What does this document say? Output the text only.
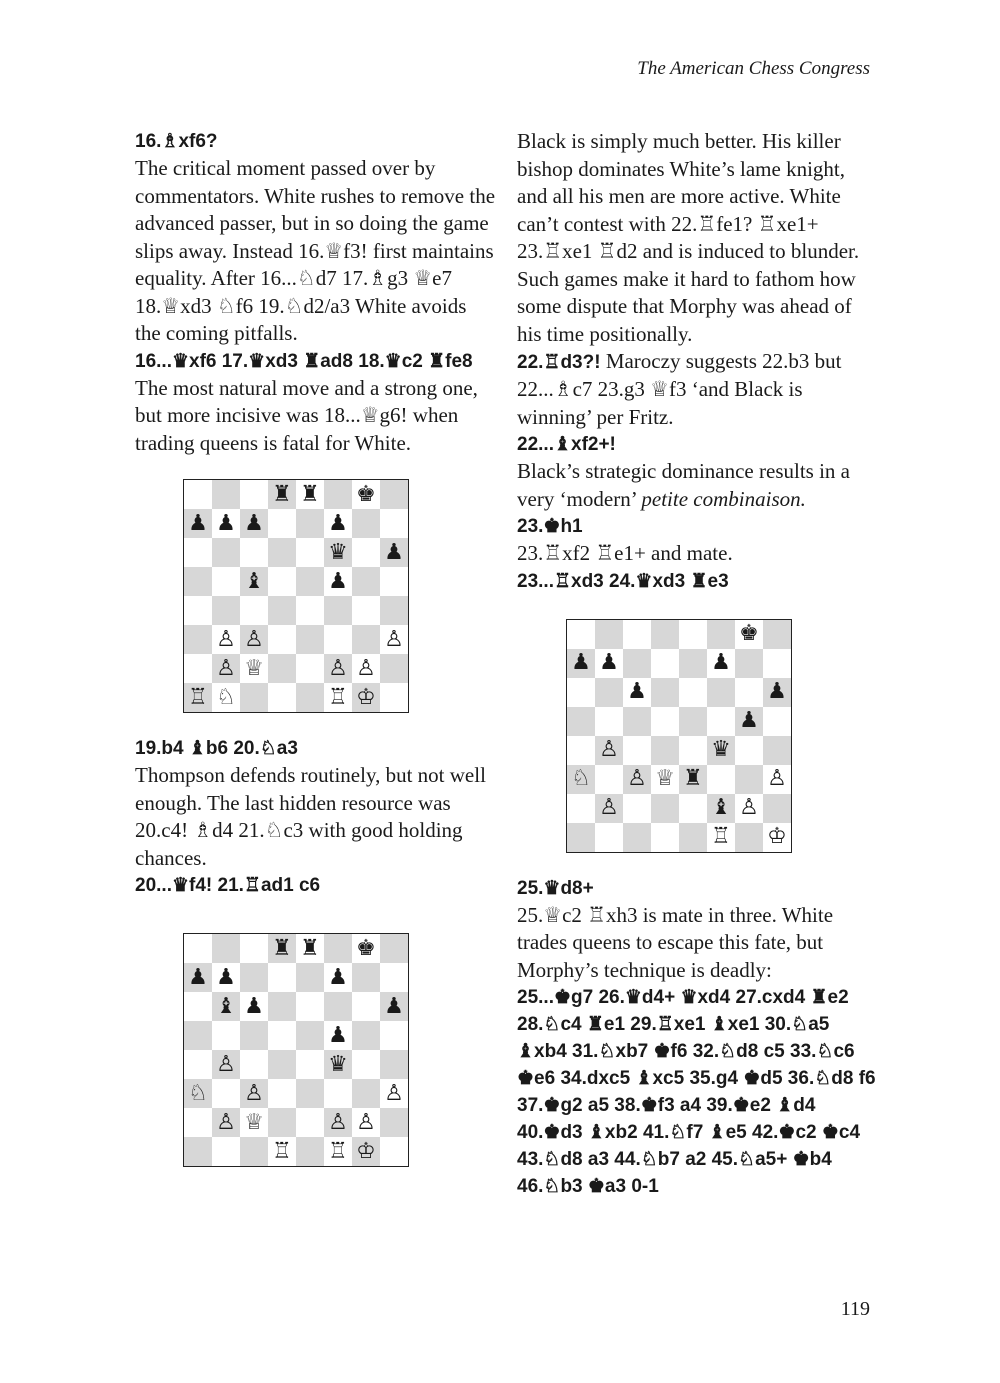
The American Chess Congress

16.♗xf6?

The critical moment passed over by commentators. White rushes to remove the advanced passer, but in so doing the game slips away. Instead 16.♕f3! first maintains equality. After 16...♘d7 17.♗g3 ♕e7 18.♕xd3 ♘f6 19.♘d2/a3 White avoids the coming pitfalls.

16...♛xf6 17.♛xd3 ♜ad8 18.♛c2 ♜fe8

The most natural move and a strong one, but more incisive was 18...♕g6! when trading queens is fatal for White.

♜ ♜ ♚
♟ ♟ ♟	♟
♛ ♟
♝	♟
♙ ♙	♙
♙ ♕	♙ ♙
♖ ♘	♖ ♔

19.b4 ♝b6 20.♘a3

Thompson defends routinely, but not well enough. The last hidden resource was 20.c4! ♗d4 21.♘c3 with good holding chances.

20...♛f4! 21.♖ad1 c6

♜ ♜ ♚
♟ ♟	♟
♝ ♟	♟
♟
♙	♛
♘ ♙	♙
♙ ♕	♙ ♙
♖ ♖ ♔

Black is simply much better. His killer bishop dominates White’s lame knight, and all his men are more active. White can’t contest with 22.♖fe1? ♖xe1+ 23.♖xe1 ♖d2 and is induced to blunder. Such games make it hard to fathom how some dispute that Morphy was ahead of his time positionally.

22.♖d3?! Maroczy suggests 22.b3 but 22...♗c7 23.g3 ♕f3 ‘and Black is winning’ per Fritz.

22...♝xf2+!

Black’s strategic dominance results in a very ‘modern’ petite combinaison.

23.♚h1

23.♖xf2 ♖e1+ and mate.

23...♖xd3 24.♛xd3 ♜e3

♚
♟ ♟	♟
♟	♟
♟
♙	♛
♘ ♙ ♕ ♜	♙
♙	♝ ♙
♖ ♔

25.♛d8+

25.♕c2 ♖xh3 is mate in three. White trades queens to escape this fate, but Morphy’s technique is deadly:

25...♚g7 26.♛d4+ ♛xd4 27.cxd4 ♜e2 28.♘c4 ♜e1 29.♖xe1 ♝xe1 30.♘a5 ♝xb4 31.♘xb7 ♚f6 32.♘d8 c5 33.♘c6 ♚e6 34.dxc5 ♝xc5 35.g4 ♚d5 36.♘d8 f6 37.♚g2 a5 38.♚f3 a4 39.♚e2 ♝d4 40.♚d3 ♝xb2 41.♘f7 ♝e5 42.♚c2 ♚c4 43.♘d8 a3 44.♘b7 a2 45.♘a5+ ♚b4 46.♘b3 ♚a3 0-1

119
